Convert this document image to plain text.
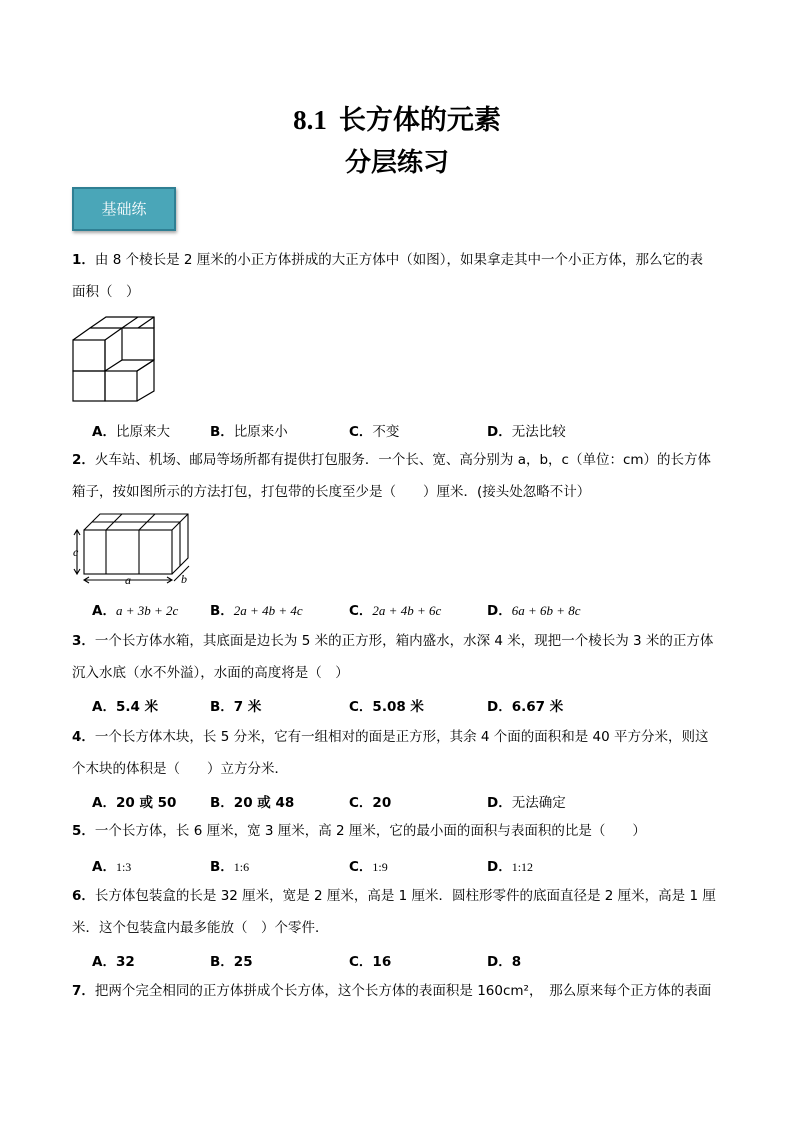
8.1 长方体的元素
分层练习
基础练
1．由 8 个棱长是 2 厘米的小正方体拼成的大正方体中（如图），如果拿走其中一个小正方体，那么它的表
面积（　）
A．比原来大	B．比原来小	C．不变	D．无法比较
2．火车站、机场、邮局等场所都有提供打包服务．一个长、宽、高分别为 a，b，c（单位：cm）的长方体
箱子，按如图所示的方法打包，打包带的长度至少是（　　）厘米．(接头处忽略不计）
c
a	b
A．a + 3b + 2c B．2a + 4b + 4c	C．2a + 4b + 6c	D．6a + 6b + 8c
3．一个长方体水箱，其底面是边长为 5 米的正方形，箱内盛水，水深 4 米，现把一个棱长为 3 米的正方体
沉入水底（水不外溢），水面的高度将是（　）
A．5.4 米	B．7 米	C．5.08 米	D．6.67 米
4．一个长方体木块，长 5 分米，它有一组相对的面是正方形，其余 4 个面的面积和是 40 平方分米，则这
个木块的体积是（　　）立方分米．
A．20 或 50 B．20 或 48	C．20	D．无法确定
5．一个长方体，长 6 厘米，宽 3 厘米，高 2 厘米，它的最小面的面积与表面积的比是（　　）
A．1:3	B．1:6	C．1:9	D．1:12
6．长方体包装盒的长是 32 厘米，宽是 2 厘米，高是 1 厘米．圆柱形零件的底面直径是 2 厘米，高是 1 厘
米．这个包装盒内最多能放（　）个零件．
A．32	B．25	C．16	D．8
7．把两个完全相同的正方体拼成个长方体，这个长方体的表面积是 160cm²，　那么原来每个正方体的表面
